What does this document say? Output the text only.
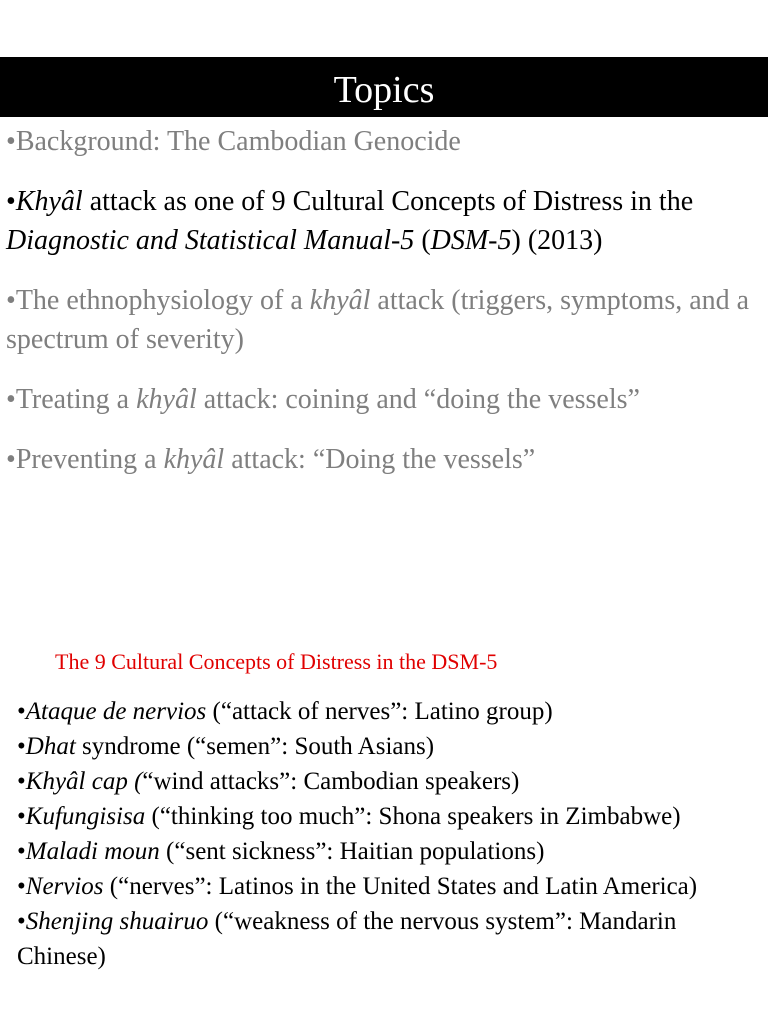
Topics
•Background: The Cambodian Genocide
•Khyâl attack as one of 9 Cultural Concepts of Distress in the Diagnostic and Statistical Manual-5 (DSM-5) (2013)
•The ethnophysiology of a khyâl attack (triggers, symptoms, and a spectrum of severity)
•Treating a khyâl attack: coining and “doing the vessels”
•Preventing a khyâl attack: “Doing the vessels”
The 9 Cultural Concepts of Distress in the DSM-5
•Ataque de nervios (“attack of nerves”: Latino group)
•Dhat syndrome (“semen”: South Asians)
•Khyâl cap (“wind attacks”: Cambodian speakers)
•Kufungisisa (“thinking too much”: Shona speakers in Zimbabwe)
•Maladi moun (“sent sickness”: Haitian populations)
•Nervios (“nerves”: Latinos in the United States and Latin America)
•Shenjing shuairuo (“weakness of the nervous system”: Mandarin Chinese)
